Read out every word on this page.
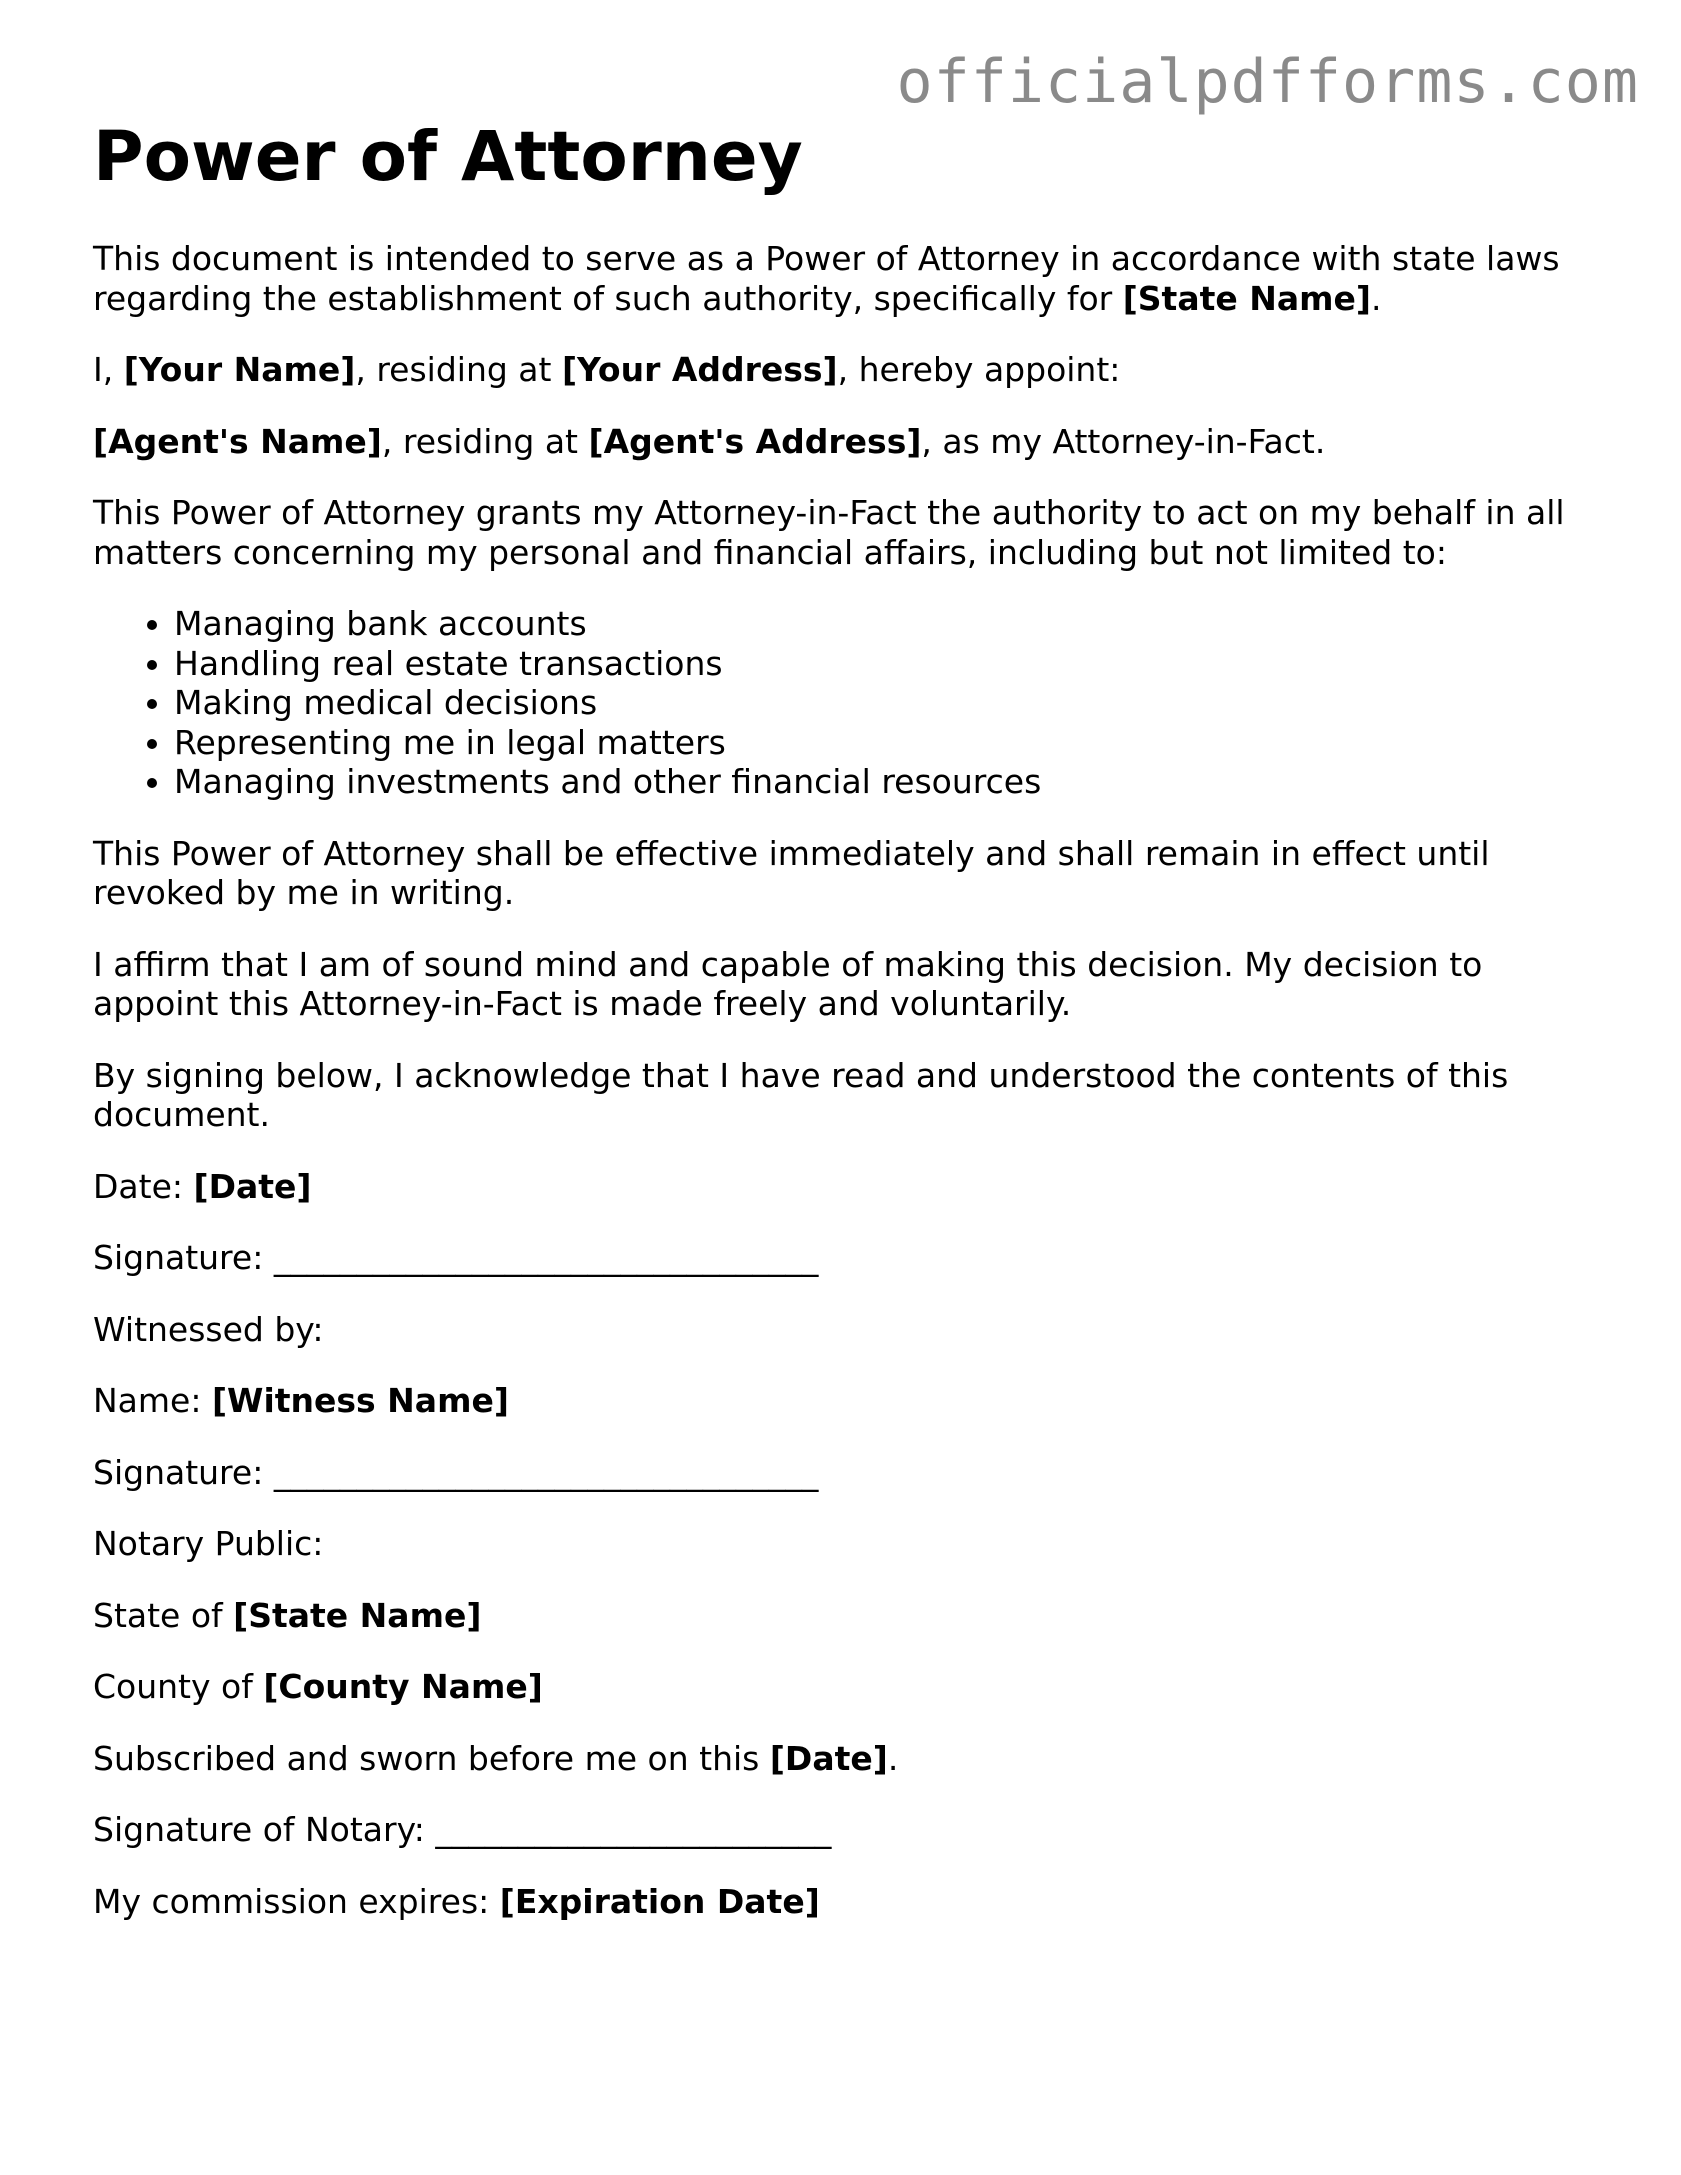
officialpdfforms.com
Power of Attorney

This document is intended to serve as a Power of Attorney in accordance with state laws regarding the establishment of such authority, specifically for [State Name].

I, [Your Name], residing at [Your Address], hereby appoint:

[Agent's Name], residing at [Agent's Address], as my Attorney-in-Fact.

This Power of Attorney grants my Attorney-in-Fact the authority to act on my behalf in all matters concerning my personal and financial affairs, including but not limited to:

• Managing bank accounts
• Handling real estate transactions
• Making medical decisions
• Representing me in legal matters
• Managing investments and other financial resources

This Power of Attorney shall be effective immediately and shall remain in effect until revoked by me in writing.

I affirm that I am of sound mind and capable of making this decision. My decision to appoint this Attorney-in-Fact is made freely and voluntarily.

By signing below, I acknowledge that I have read and understood the contents of this document.

Date: [Date]

Signature: _________________________________

Witnessed by:

Name: [Witness Name]

Signature: _________________________________

Notary Public:

State of [State Name]

County of [County Name]

Subscribed and sworn before me on this [Date].

Signature of Notary: ________________________

My commission expires: [Expiration Date]
